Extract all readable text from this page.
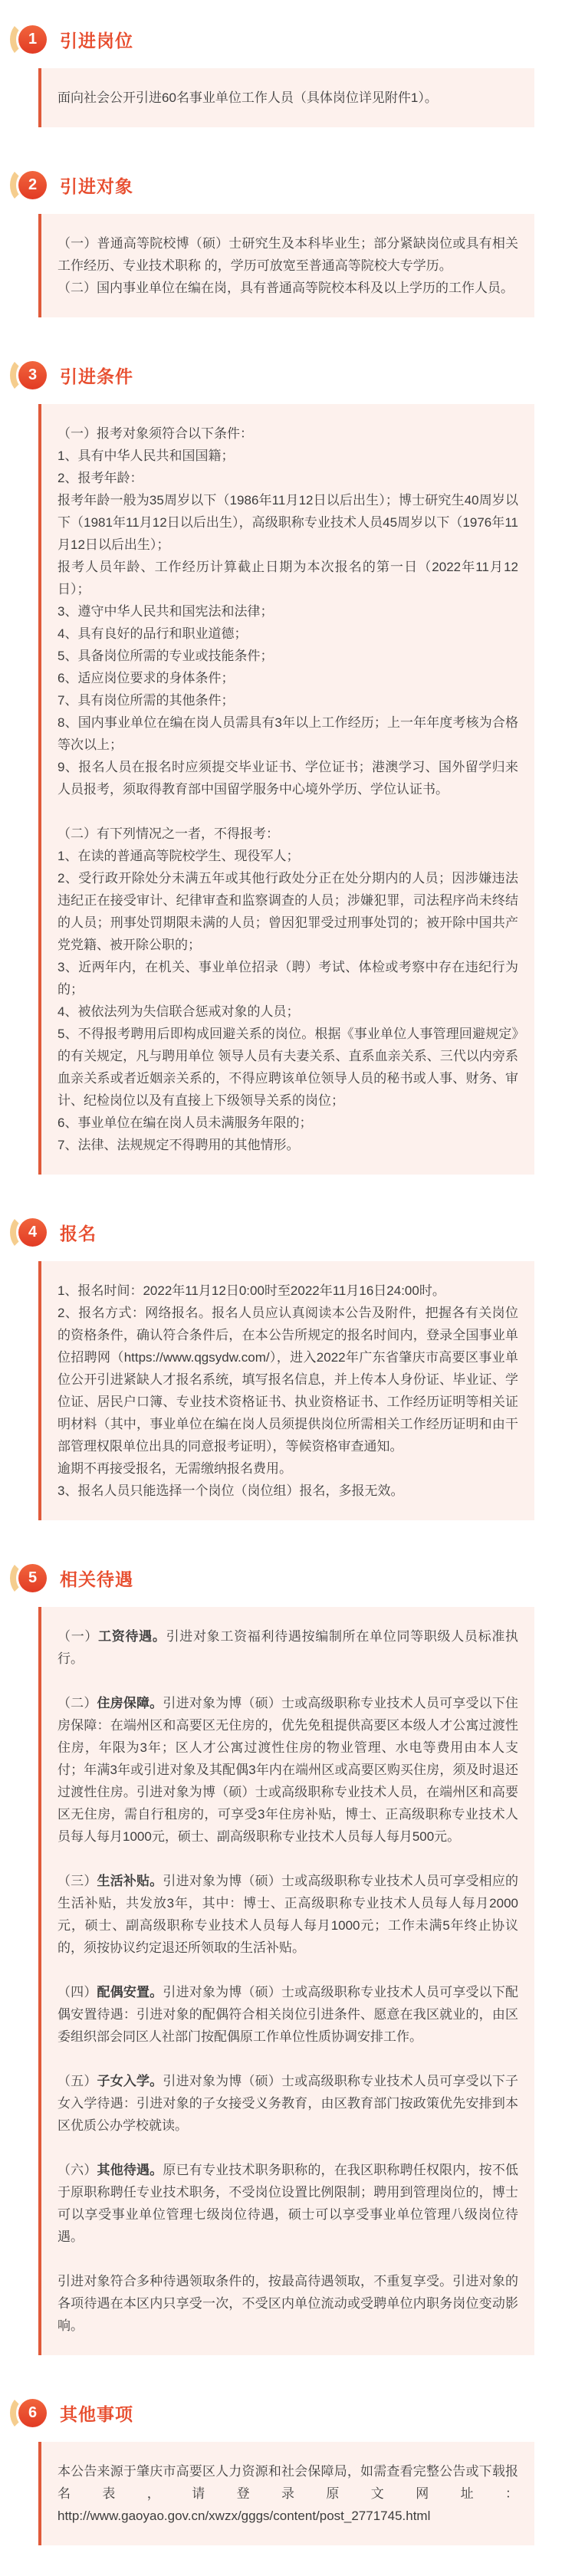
1	引进岗位

面向社会公开引进60名事业单位工作人员（具体岗位详见附件1）。

2	引进对象

（一）普通高等院校博（硕）士研究生及本科毕业生；部分紧缺岗位或具有相关工作经历、专业技术职称 的，学历可放宽至普通高等院校大专学历。

（二）国内事业单位在编在岗，具有普通高等院校本科及以上学历的工作人员。

3	引进条件

（一）报考对象须符合以下条件：

1、具有中华人民共和国国籍；

2、报考年龄：

报考年龄一般为35周岁以下（1986年11月12日以后出生）；博士研究生40周岁以下（1981年11月12日以后出生），高级职称专业技术人员45周岁以下（1976年11月12日以后出生）；

报考人员年龄、工作经历计算截止日期为本次报名的第一日（2022年11月12日）；

3、遵守中华人民共和国宪法和法律；

4、具有良好的品行和职业道德；

5、具备岗位所需的专业或技能条件；

6、适应岗位要求的身体条件；

7、具有岗位所需的其他条件；

8、国内事业单位在编在岗人员需具有3年以上工作经历；上一年年度考核为合格等次以上；

9、报名人员在报名时应须提交毕业证书、学位证书；港澳学习、国外留学归来人员报考，须取得教育部中国留学服务中心境外学历、学位认证书。

（二）有下列情况之一者，不得报考：

1、在读的普通高等院校学生、现役军人；

2、受行政开除处分未满五年或其他行政处分正在处分期内的人员；因涉嫌违法违纪正在接受审计、纪律审查和监察调查的人员；涉嫌犯罪，司法程序尚未终结的人员；刑事处罚期限未满的人员；曾因犯罪受过刑事处罚的；被开除中国共产党党籍、被开除公职的；

3、近两年内，在机关、事业单位招录（聘）考试、体检或考察中存在违纪行为的；

4、被依法列为失信联合惩戒对象的人员；

5、不得报考聘用后即构成回避关系的岗位。根据《事业单位人事管理回避规定》的有关规定，凡与聘用单位 领导人员有夫妻关系、直系血亲关系、三代以内旁系血亲关系或者近姻亲关系的，不得应聘该单位领导人员的秘书或人事、财务、审计、纪检岗位以及有直接上下级领导关系的岗位；

6、事业单位在编在岗人员未满服务年限的；

7、法律、法规规定不得聘用的其他情形。

4	报名

1、报名时间：2022年11月12日0:00时至2022年11月16日24:00时。

2、报名方式：网络报名。报名人员应认真阅读本公告及附件，把握各有关岗位的资格条件，确认符合条件后，在本公告所规定的报名时间内，登录全国事业单位招聘网（https://www.qgsydw.com/），进入2022年广东省肇庆市高要区事业单位公开引进紧缺人才报名系统，填写报名信息，并上传本人身份证、毕业证、学位证、居民户口簿、专业技术资格证书、执业资格证书、工作经历证明等相关证明材料（其中，事业单位在编在岗人员须提供岗位所需相关工作经历证明和由干部管理权限单位出具的同意报考证明），等候资格审查通知。

逾期不再接受报名，无需缴纳报名费用。

3、报名人员只能选择一个岗位（岗位组）报名，多报无效。

5	相关待遇

（一）工资待遇。引进对象工资福利待遇按编制所在单位同等职级人员标准执行。

（二）住房保障。引进对象为博（硕）士或高级职称专业技术人员可享受以下住房保障：在端州区和高要区无住房的，优先免租提供高要区本级人才公寓过渡性住房，年限为3年；区人才公寓过渡性住房的物业管理、水电等费用由本人支付；年满3年或引进对象及其配偶3年内在端州区或高要区购买住房，须及时退还过渡性住房。引进对象为博（硕）士或高级职称专业技术人员，在端州区和高要区无住房，需自行租房的，可享受3年住房补贴，博士、正高级职称专业技术人员每人每月1000元，硕士、副高级职称专业技术人员每人每月500元。

（三）生活补贴。引进对象为博（硕）士或高级职称专业技术人员可享受相应的生活补贴，共发放3年，其中：博士、正高级职称专业技术人员每人每月2000元，硕士、副高级职称专业技术人员每人每月1000元；工作未满5年终止协议的，须按协议约定退还所领取的生活补贴。

（四）配偶安置。引进对象为博（硕）士或高级职称专业技术人员可享受以下配偶安置待遇：引进对象的配偶符合相关岗位引进条件、愿意在我区就业的，由区委组织部会同区人社部门按配偶原工作单位性质协调安排工作。

（五）子女入学。引进对象为博（硕）士或高级职称专业技术人员可享受以下子女入学待遇：引进对象的子女接受义务教育，由区教育部门按政策优先安排到本区优质公办学校就读。

（六）其他待遇。原已有专业技术职务职称的，在我区职称聘任权限内，按不低于原职称聘任专业技术职务，不受岗位设置比例限制；聘用到管理岗位的，博士可以享受事业单位管理七级岗位待遇，硕士可以享受事业单位管理八级岗位待遇。

引进对象符合多种待遇领取条件的，按最高待遇领取，不重复享受。引进对象的各项待遇在本区内只享受一次，不受区内单位流动或受聘单位内职务岗位变动影响。

6	其他事项

本公告来源于肇庆市高要区人力资源和社会保障局，如需查看完整公告或下载报名表，请登录原文网址：http://www.gaoyao.gov.cn/xwzx/gggs/content/post_2771745.html
